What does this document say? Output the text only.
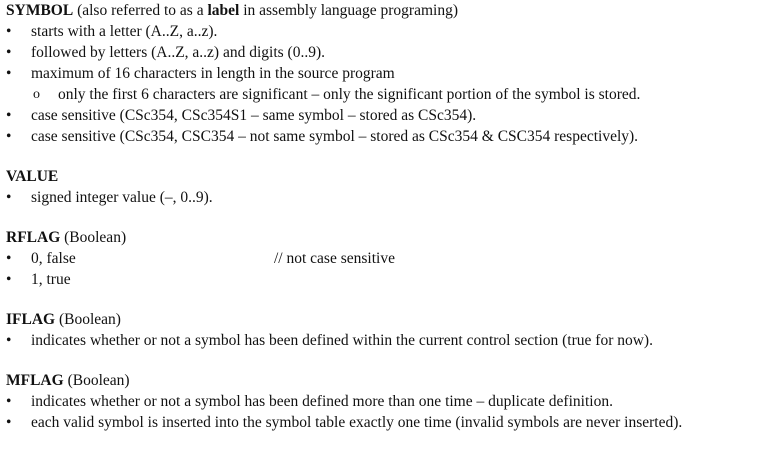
SYMBOL (also referred to as a label in assembly language programing)
•	starts with a letter (A..Z, a..z).
•	followed by letters (A..Z, a..z) and digits (0..9).
•	maximum of 16 characters in length in the source program
o only the first 6 characters are significant – only the significant portion of the symbol is stored.
•	case sensitive (CSc354, CSc354S1 – same symbol – stored as CSc354).
•	case sensitive (CSc354, CSC354 – not same symbol – stored as CSc354 & CSC354 respectively).
VALUE
•	signed integer value (–, 0..9).
RFLAG (Boolean)
•	0, false	// not case sensitive
•	1, true
IFLAG (Boolean)
•	indicates whether or not a symbol has been defined within the current control section (true for now).
MFLAG (Boolean)
•	indicates whether or not a symbol has been defined more than one time – duplicate definition.
•	each valid symbol is inserted into the symbol table exactly one time (invalid symbols are never inserted).
